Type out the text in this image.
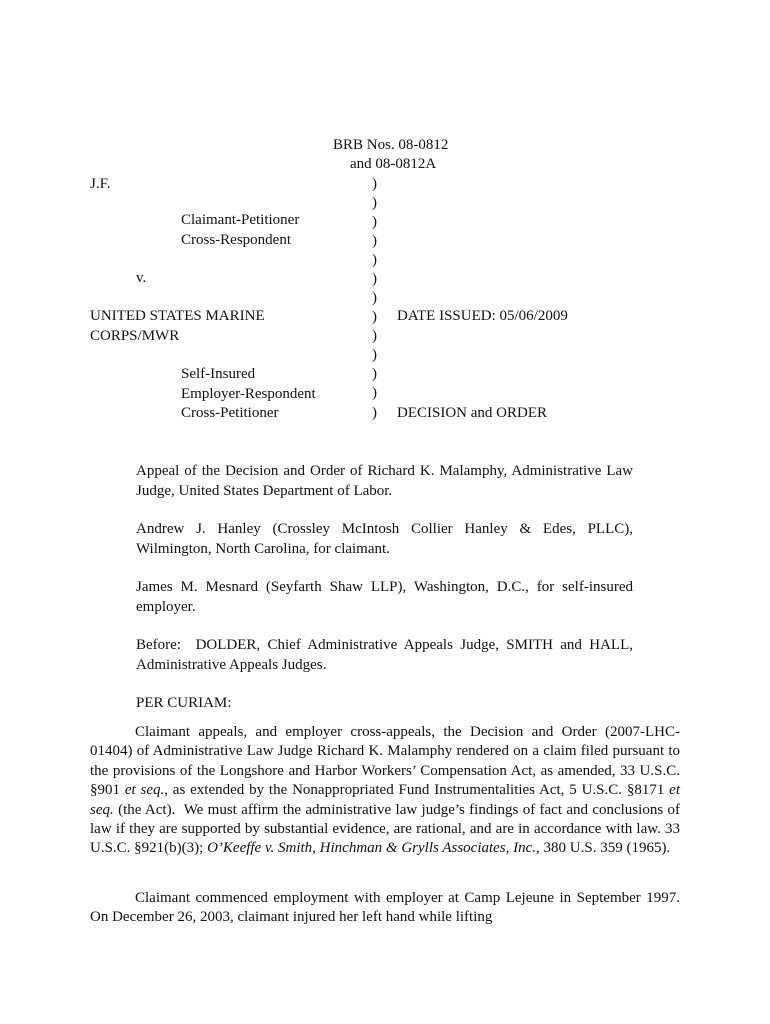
BRB Nos. 08-0812
and 08-0812A
J.F.
Claimant-Petitioner
Cross-Respondent
v.
UNITED STATES MARINE
CORPS/MWR
Self-Insured
Employer-Respondent
Cross-Petitioner
)
)
)
)
)
)
)
)
)
)
)
)
)
DATE ISSUED: 05/06/2009
DECISION and ORDER
Appeal of the Decision and Order of Richard K. Malamphy, Administrative Law Judge, United States Department of Labor.
Andrew J. Hanley (Crossley McIntosh Collier Hanley & Edes, PLLC), Wilmington, North Carolina, for claimant.
James M. Mesnard (Seyfarth Shaw LLP), Washington, D.C., for self-insured employer.
Before:  DOLDER, Chief Administrative Appeals Judge, SMITH and HALL, Administrative Appeals Judges.
PER CURIAM:
Claimant appeals, and employer cross-appeals, the Decision and Order (2007-LHC-01404) of Administrative Law Judge Richard K. Malamphy rendered on a claim filed pursuant to the provisions of the Longshore and Harbor Workers’ Compensation Act, as amended, 33 U.S.C. §901 et seq., as extended by the Nonappropriated Fund Instrumentalities Act, 5 U.S.C. §8171 et seq. (the Act).  We must affirm the administrative law judge’s findings of fact and conclusions of law if they are supported by substantial evidence, are rational, and are in accordance with law. 33 U.S.C. §921(b)(3); O’Keeffe v. Smith, Hinchman & Grylls Associates, Inc., 380 U.S. 359 (1965).
Claimant commenced employment with employer at Camp Lejeune in September 1997. On December 26, 2003, claimant injured her left hand while lifting
